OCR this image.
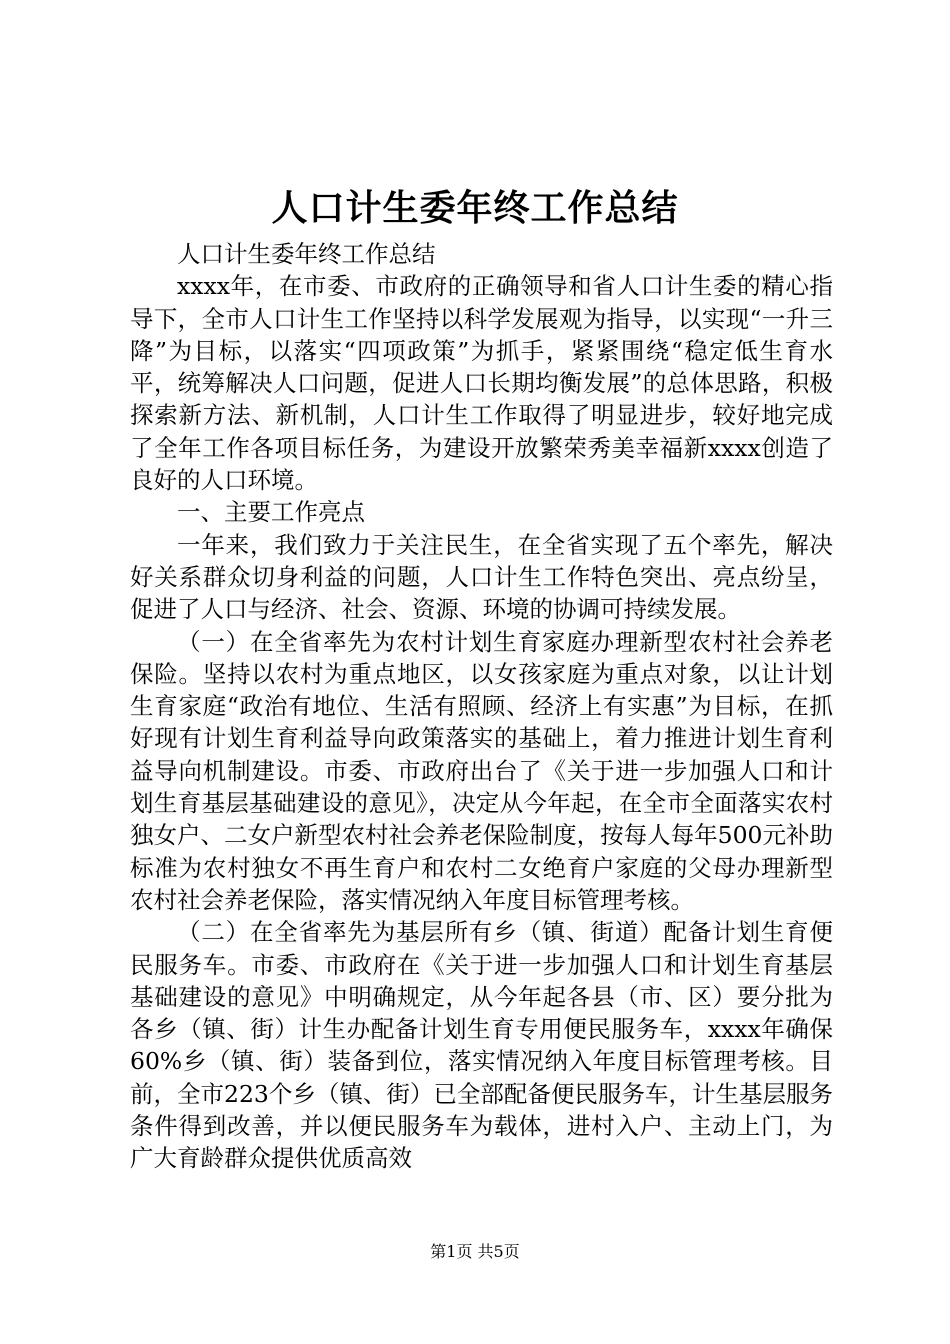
人口计生委年终工作总结

人口计生委年终工作总结

xxxx年，在市委、市政府的正确领导和省人口计生委的精心指导下，全市人口计生工作坚持以科学发展观为指导，以实现“一升三降”为目标，以落实“四项政策”为抓手，紧紧围绕“稳定低生育水平，统筹解决人口问题，促进人口长期均衡发展”的总体思路，积极探索新方法、新机制，人口计生工作取得了明显进步，较好地完成了全年工作各项目标任务，为建设开放繁荣秀美幸福新xxxx创造了良好的人口环境。

一、主要工作亮点

一年来，我们致力于关注民生，在全省实现了五个率先，解决好关系群众切身利益的问题，人口计生工作特色突出、亮点纷呈，促进了人口与经济、社会、资源、环境的协调可持续发展。

（一）在全省率先为农村计划生育家庭办理新型农村社会养老保险。坚持以农村为重点地区，以女孩家庭为重点对象，以让计划生育家庭“政治有地位、生活有照顾、经济上有实惠”为目标，在抓好现有计划生育利益导向政策落实的基础上，着力推进计划生育利益导向机制建设。市委、市政府出台了《关于进一步加强人口和计划生育基层基础建设的意见》，决定从今年起，在全市全面落实农村独女户、二女户新型农村社会养老保险制度，按每人每年500元补助标准为农村独女不再生育户和农村二女绝育户家庭的父母办理新型农村社会养老保险，落实情况纳入年度目标管理考核。

（二）在全省率先为基层所有乡（镇、街道）配备计划生育便民服务车。市委、市政府在《关于进一步加强人口和计划生育基层基础建设的意见》中明确规定，从今年起各县（市、区）要分批为各乡（镇、街）计生办配备计划生育专用便民服务车，xxxx年确保60%乡（镇、街）装备到位，落实情况纳入年度目标管理考核。目前，全市223个乡（镇、街）已全部配备便民服务车，计生基层服务条件得到改善，并以便民服务车为载体，进村入户、主动上门，为广大育龄群众提供优质高效

第1页 共5页
